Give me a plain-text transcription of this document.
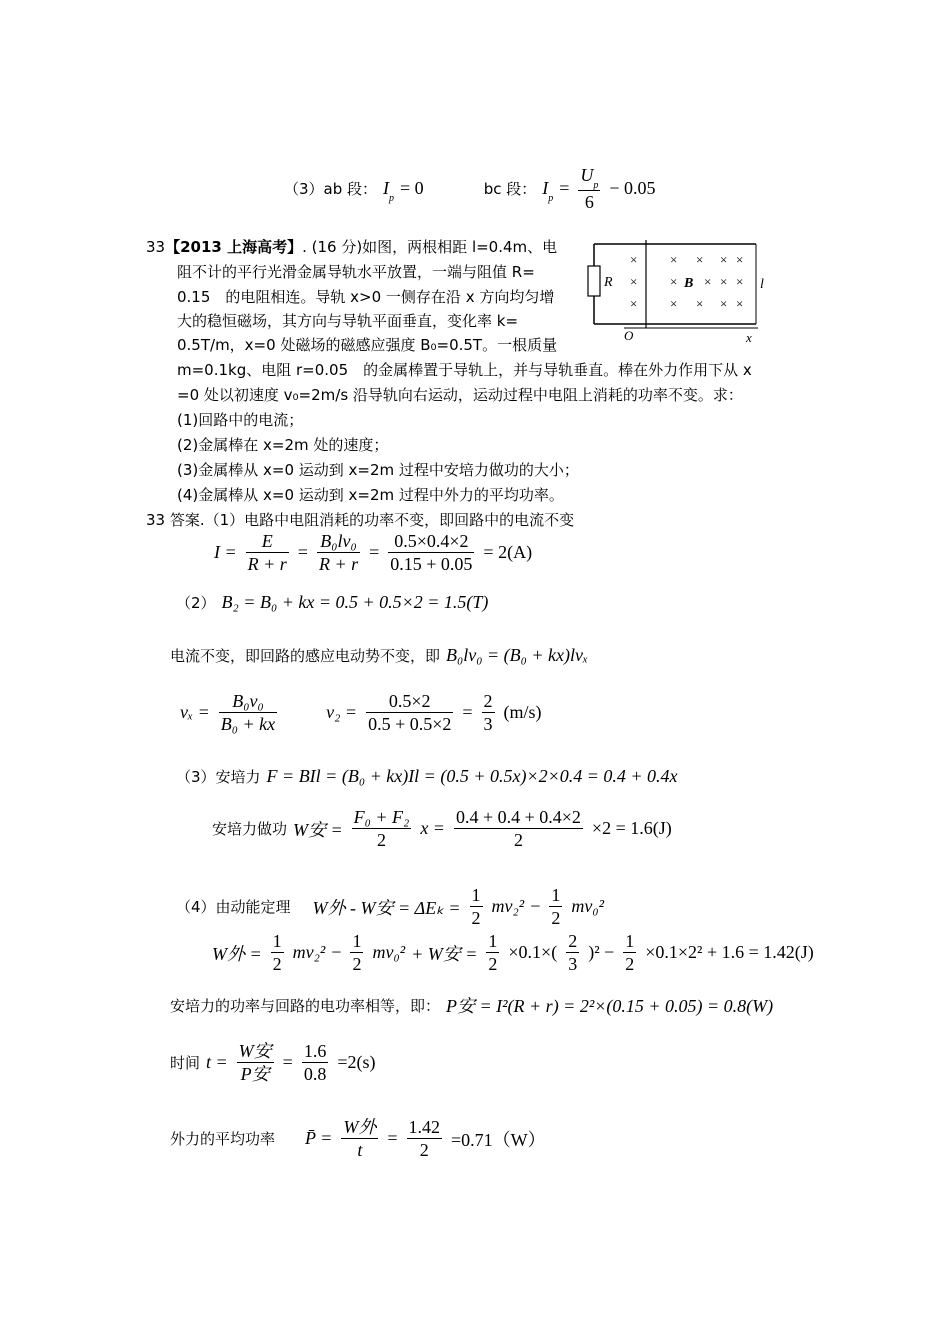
（3）ab 段： $I_p$
= 0	bc 段： $I_p$
= $\frac{U_p}{6} - 0.05$
33【2013 上海高考】. (16 分)如图，两根相距 l=0.4m、电
阻不计的平行光滑金属导轨水平放置，一端与阻值 R=
0.15　的电阻相连。导轨 x>0 一侧存在沿 x 方向均匀增
大的稳恒磁场，其方向与导轨平面垂直，变化率 k=
0.5T/m，x=0 处磁场的磁感应强度 B₀=0.5T。一根质量
m=0.1kg、电阻 r=0.05　的金属棒置于导轨上，并与导轨垂直。棒在外力作用下从 x
=0 处以初速度 v₀=2m/s 沿导轨向右运动，运动过程中电阻上消耗的功率不变。求：
(1)回路中的电流；
(2)金属棒在 x=2m 处的速度；
(3)金属棒从 x=0 运动到 x=2m 过程中安培力做功的大小；
(4)金属棒从 x=0 运动到 x=2m 过程中外力的平均功率。
R
O	x
l
×
×
×
×
×
×
×
×
×
×
×
×
×
×
×
B
33 答案.（1）电路中电阻消耗的功率不变，即回路中的电流不变
$I = \frac{E}{R + r} = \frac{\text{B₀lv₀}}{R + r} = \frac{0.5\times 0.4\times 2}{0.15 + 0.05} = 2(A)$
（2） B₂ = B₀ + kx = 0.5 + 0.5×2 = 1.5(T)
电流不变，即回路的感应电动势不变，即 B₀lv₀ = (B₀ + kx)lvₓ
$v_x = \frac{\text{B₀v₀}}{\text{B₀ + kx}}$	$v_2 = \frac{0.5\times 2}{0.5 + 0.5\times 2} = \frac{2}{3} (m/s)$
（3）安培力 F = BIl = (B₀ + kx)Il = (0.5 + 0.5x)×2×0.4 = 0.4 + 0.4x
安培力做功 W安 = $\frac{\text{F₀ + F₂}}{2}$ $x = \frac{0.4 + 0.4 + 0.4\times 2}{2} \times 2 = 1.6(J)$
（4）由动能定理 W外 - W安 = $\Delta E_k = \frac{1}{2} mv_2^2 - \frac{1}{2} mv_0^2$
W外 = $\frac{1}{2} mv_2^2 - \frac{1}{2} mv_0^2 + W$安 = $\frac{1}{2} \times 0.1\times( \frac{2}{3} )^2 - \frac{1}{2} \times 0.1\times 2^2 + 1.6 = 1.42(J)$
安培力的功率与回路的电功率相等，即： P安 = I²(R + r) = 2²×(0.15 + 0.05) = 0.8(W)
时间 $t = \frac{\text{W安}}{\text{P安}} = \frac{1.6}{0.8} =2(s)$
外力的平均功率 P̄ = $\frac{\text{W外}}{t} = \frac{1.42}{2} =0.71(W)$
